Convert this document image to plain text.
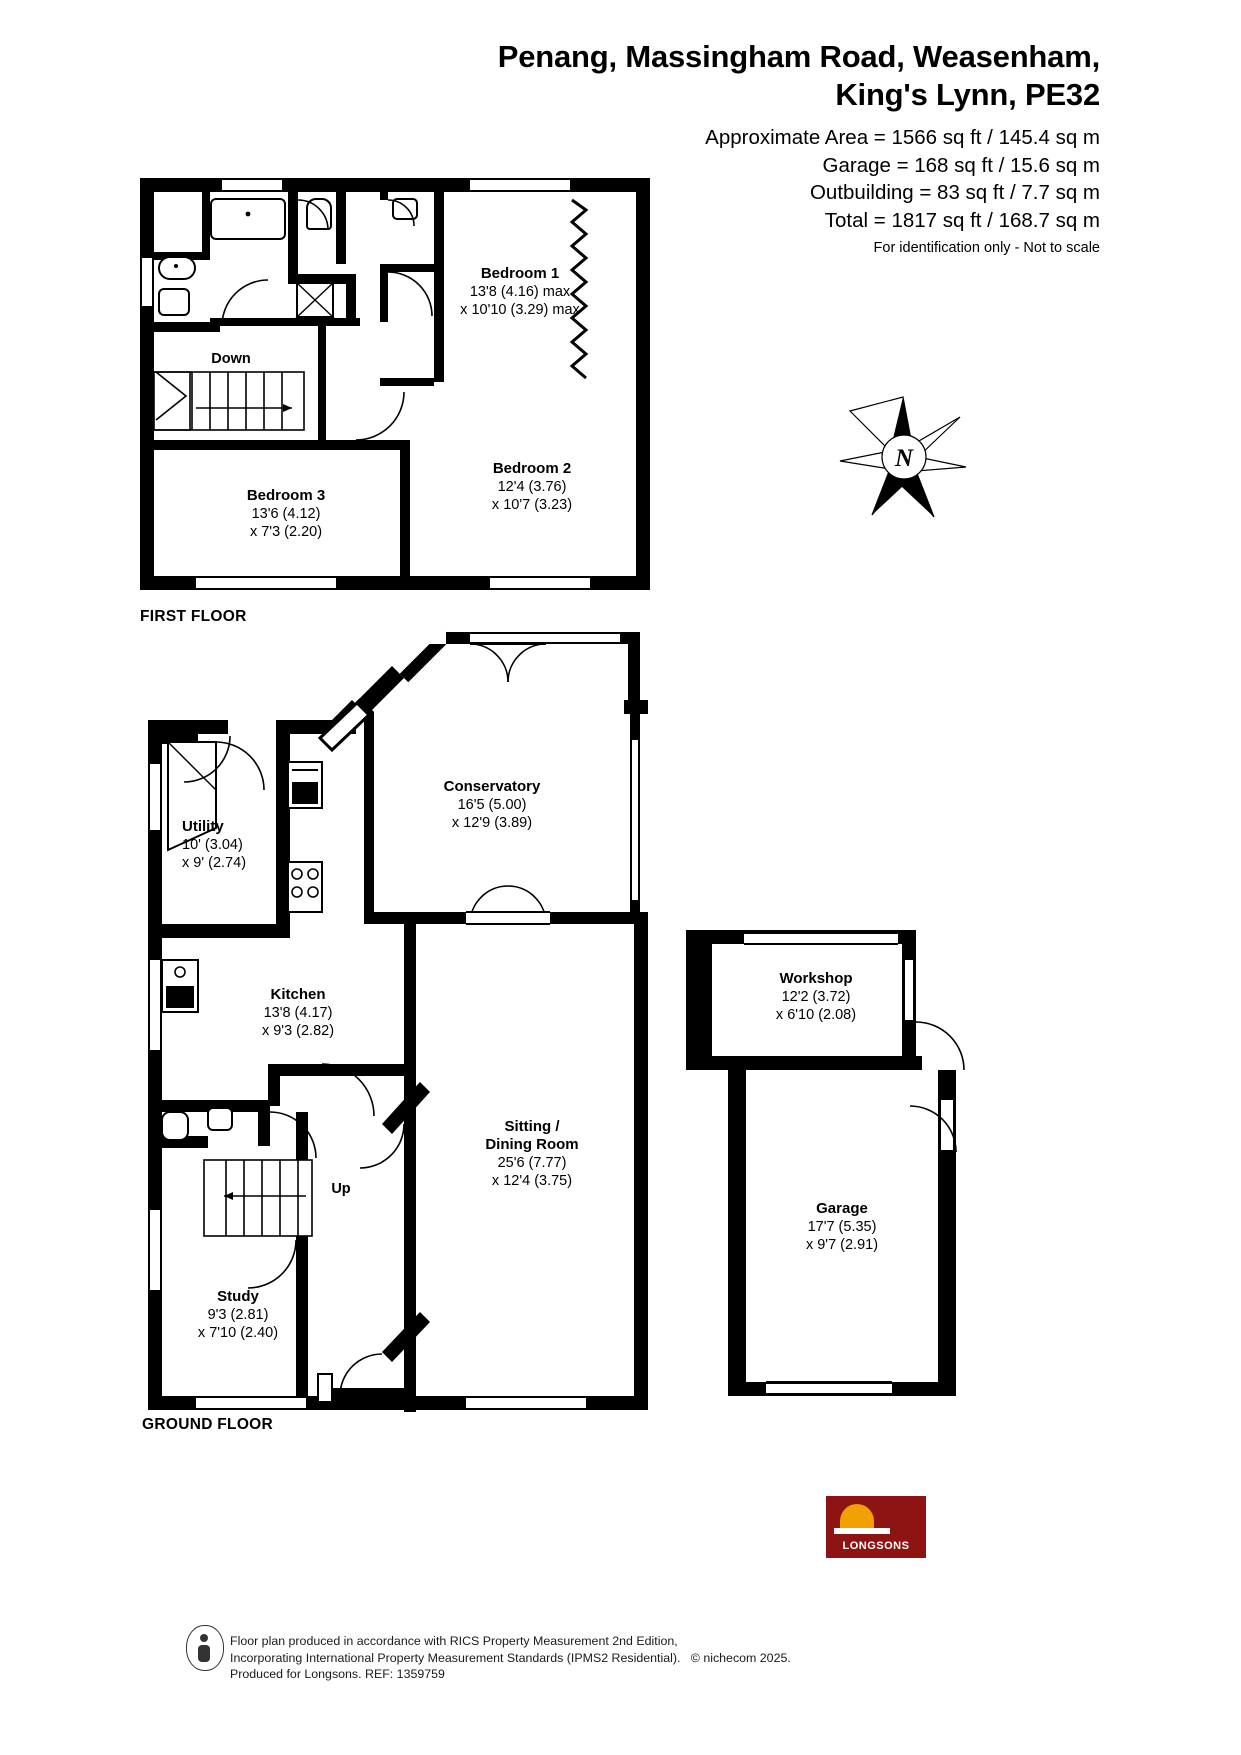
Penang, Massingham Road, Weasenham,
King's Lynn, PE32
Approximate Area = 1566 sq ft / 145.4 sq m
Garage = 168 sq ft / 15.6 sq m
Outbuilding = 83 sq ft / 7.7 sq m
Total = 1817 sq ft / 168.7 sq m
For identification only - Not to scale
N
Bedroom 1
13'8 (4.16) max
x 10'10 (3.29) max
Bedroom 2
12'4 (3.76)
x 10'7 (3.23)
Bedroom 3
13'6 (4.12)
x 7'3 (2.20)
Down
FIRST FLOOR
Conservatory
16'5 (5.00)
x 12'9 (3.89)
Utility
10' (3.04)
x 9' (2.74)
Kitchen
13'8 (4.17)
x 9'3 (2.82)
Sitting /
Dining Room
25'6 (7.77)
x 12'4 (3.75)
Study
9'3 (2.81)
x 7'10 (2.40)
Workshop
12'2 (3.72)
x 6'10 (2.08)
Garage
17'7 (5.35)
x 9'7 (2.91)
Up
GROUND FLOOR
LONGSONS
Floor plan produced in accordance with RICS Property Measurement 2nd Edition,
Incorporating International Property Measurement Standards (IPMS2 Residential). © nichecom 2025.
Produced for Longsons. REF: 1359759
